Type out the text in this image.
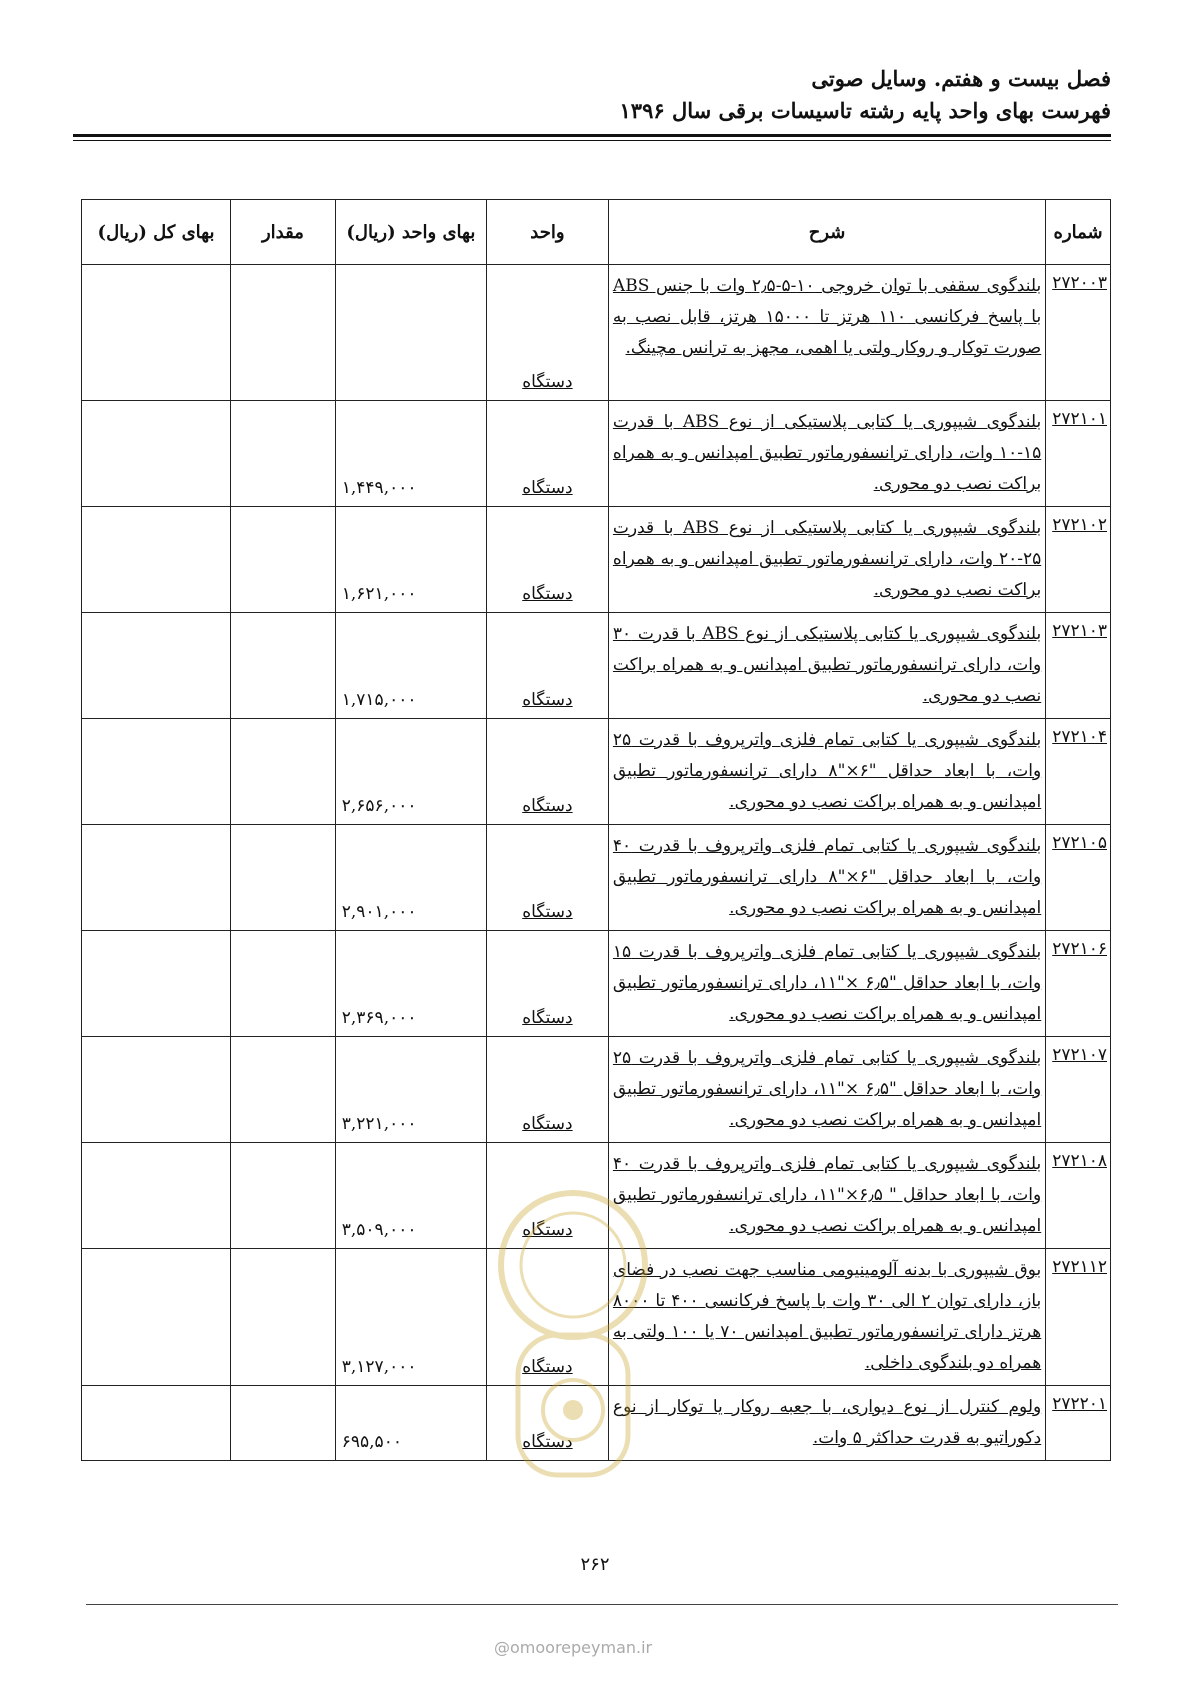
فصل بیست و هفتم. وسایل صوتی
فهرست بهای واحد پایه رشته تاسیسات برقی سال ۱۳۹۶
شماره	شرح	واحد	بهای واحد (ریال)	مقدار	بهای کل (ریال)
۲۷۲۰۰۳	بلندگوی سقفی با توان خروجی ۱۰-۵-۲٫۵ وات با جنس ABS با پاسخ فرکانسی ۱۱۰ هرتز تا ۱۵۰۰۰ هرتز، قابل نصب به صورت توکار و روکار ولتی یا اهمی، مجهز به ترانس مچینگ.	دستگاه			
۲۷۲۱۰۱	بلندگوی شیپوری یا کتابی پلاستیکی از نوع ABS با قدرت ۱۵-۱۰ وات، دارای ترانسفورماتور تطبیق امپدانس و به همراه براکت نصب دو محوری.	دستگاه	۱,۴۴۹,۰۰۰		
۲۷۲۱۰۲	بلندگوی شیپوری یا کتابی پلاستیکی از نوع ABS با قدرت ۲۵-۲۰ وات، دارای ترانسفورماتور تطبیق امپدانس و به همراه براکت نصب دو محوری.	دستگاه	۱,۶۲۱,۰۰۰		
۲۷۲۱۰۳	بلندگوی شیپوری یا کتابی پلاستیکی از نوع ABS با قدرت ۳۰ وات، دارای ترانسفورماتور تطبیق امپدانس و به همراه براکت نصب دو محوری.	دستگاه	۱,۷۱۵,۰۰۰		
۲۷۲۱۰۴	بلندگوی شیپوری یا کتابی تمام فلزی واترپروف با قدرت ۲۵ وات، با ابعاد حداقل "۶×"۸ دارای ترانسفورماتور تطبیق امپدانس و به همراه براکت نصب دو محوری.	دستگاه	۲,۶۵۶,۰۰۰		
۲۷۲۱۰۵	بلندگوی شیپوری یا کتابی تمام فلزی واترپروف با قدرت ۴۰ وات، با ابعاد حداقل "۶×"۸ دارای ترانسفورماتور تطبیق امپدانس و به همراه براکت نصب دو محوری.	دستگاه	۲,۹۰۱,۰۰۰		
۲۷۲۱۰۶	بلندگوی شیپوری یا کتابی تمام فلزی واترپروف با قدرت ۱۵ وات، با ابعاد حداقل "۶٫۵ ×"۱۱، دارای ترانسفورماتور تطبیق امپدانس و به همراه براکت نصب دو محوری.	دستگاه	۲,۳۶۹,۰۰۰		
۲۷۲۱۰۷	بلندگوی شیپوری یا کتابی تمام فلزی واترپروف با قدرت ۲۵ وات، با ابعاد حداقل "۶٫۵ ×"۱۱، دارای ترانسفورماتور تطبیق امپدانس و به همراه براکت نصب دو محوری.	دستگاه	۳,۲۲۱,۰۰۰		
۲۷۲۱۰۸	بلندگوی شیپوری یا کتابی تمام فلزی واترپروف با قدرت ۴۰ وات، با ابعاد حداقل " ۶٫۵×"۱۱، دارای ترانسفورماتور تطبیق امپدانس و به همراه براکت نصب دو محوری.	دستگاه	۳,۵۰۹,۰۰۰		
۲۷۲۱۱۲	بوق شیپوری با بدنه آلومینیومی مناسب جهت نصب در فضای باز، دارای توان ۲ الی ۳۰ وات با پاسخ فرکانسی ۴۰۰ تا ۸۰۰۰ هرتز دارای ترانسفورماتور تطبیق امپدانس ۷۰ یا ۱۰۰ ولتی به همراه دو بلندگوی داخلی.	دستگاه	۳,۱۲۷,۰۰۰		
۲۷۲۲۰۱	ولوم کنترل از نوع دیواری، با جعبه روکار یا توکار از نوع دکوراتیو به قدرت حداکثر ۵ وات.	دستگاه	۶۹۵,۵۰۰		
۲۶۲
@omoorepeyman.ir
